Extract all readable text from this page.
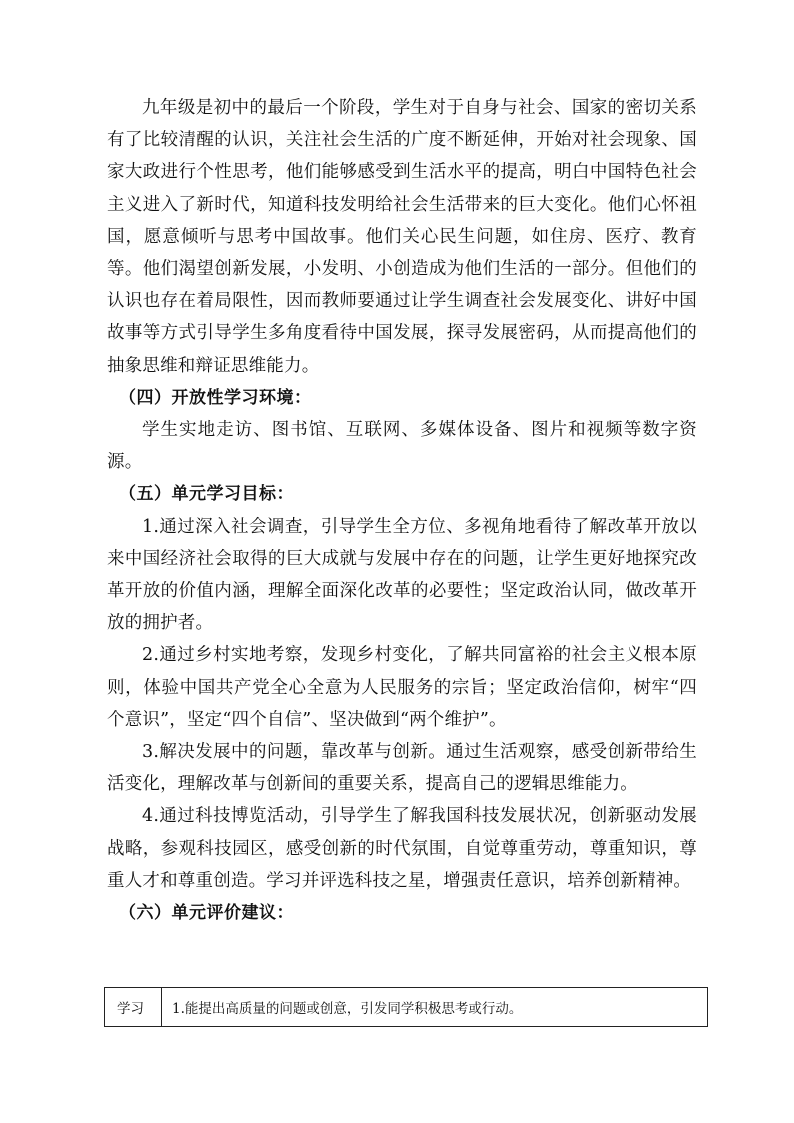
九年级是初中的最后一个阶段，学生对于自身与社会、国家的密切关系有了比较清醒的认识，关注社会生活的广度不断延伸，开始对社会现象、国家大政进行个性思考，他们能够感受到生活水平的提高，明白中国特色社会主义进入了新时代，知道科技发明给社会生活带来的巨大变化。他们心怀祖国，愿意倾听与思考中国故事。他们关心民生问题，如住房、医疗、教育等。他们渴望创新发展，小发明、小创造成为他们生活的一部分。但他们的认识也存在着局限性，因而教师要通过让学生调查社会发展变化、讲好中国故事等方式引导学生多角度看待中国发展，探寻发展密码，从而提高他们的抽象思维和辩证思维能力。

（四）开放性学习环境：

学生实地走访、图书馆、互联网、多媒体设备、图片和视频等数字资源。

（五）单元学习目标：

1.通过深入社会调查，引导学生全方位、多视角地看待了解改革开放以来中国经济社会取得的巨大成就与发展中存在的问题，让学生更好地探究改革开放的价值内涵，理解全面深化改革的必要性；坚定政治认同，做改革开放的拥护者。

2.通过乡村实地考察，发现乡村变化，了解共同富裕的社会主义根本原则，体验中国共产党全心全意为人民服务的宗旨；坚定政治信仰，树牢“四个意识”，坚定“四个自信”、坚决做到“两个维护”。

3.解决发展中的问题，靠改革与创新。通过生活观察，感受创新带给生活变化，理解改革与创新间的重要关系，提高自己的逻辑思维能力。

4.通过科技博览活动，引导学生了解我国科技发展状况，创新驱动发展战略，参观科技园区，感受创新的时代氛围，自觉尊重劳动，尊重知识，尊重人才和尊重创造。学习并评选科技之星，增强责任意识，培养创新精神。

（六）单元评价建议：

学习	1.能提出高质量的问题或创意，引发同学积极思考或行动。
